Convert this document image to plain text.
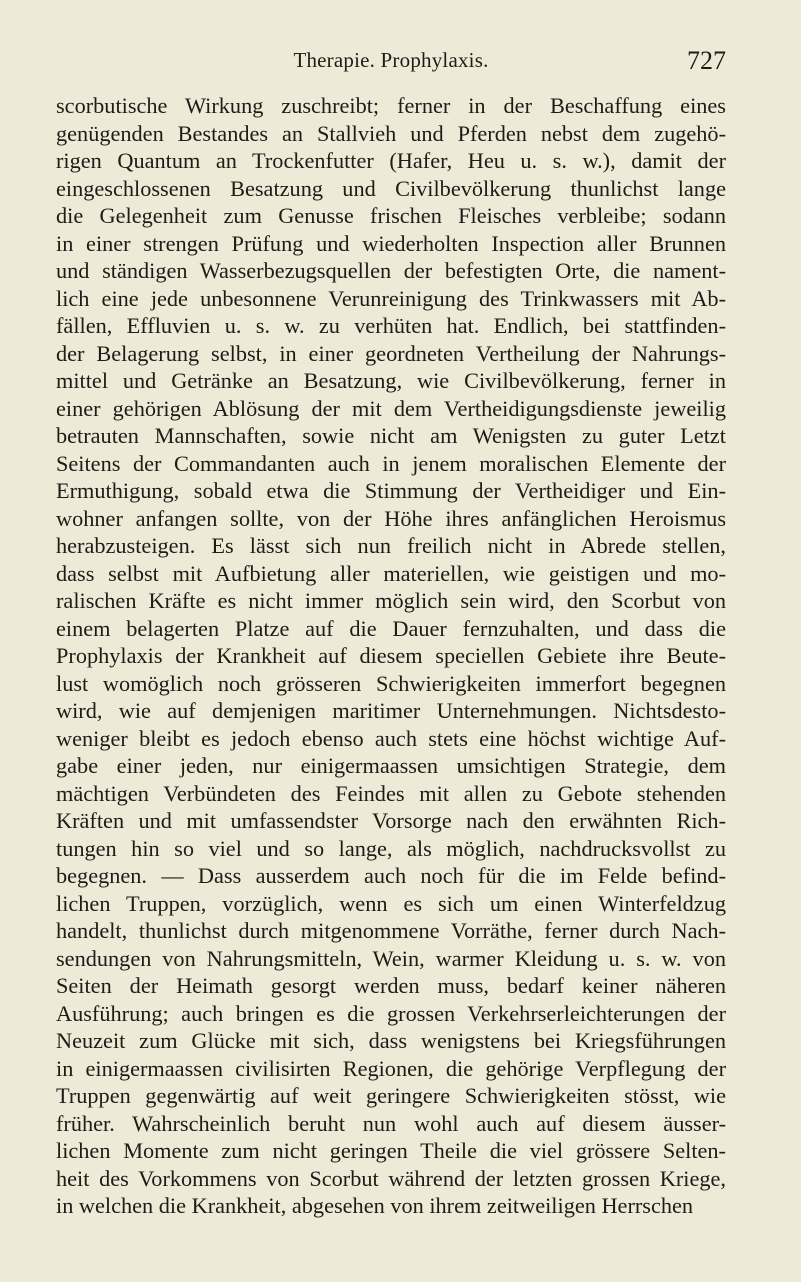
Therapie. Prophylaxis.	727
scorbutische Wirkung zuschreibt; ferner in der Beschaffung eines
genügenden Bestandes an Stallvieh und Pferden nebst dem zugehö-
rigen Quantum an Trockenfutter (Hafer, Heu u. s. w.), damit der
eingeschlossenen Besatzung und Civilbevölkerung thunlichst lange
die Gelegenheit zum Genusse frischen Fleisches verbleibe; sodann
in einer strengen Prüfung und wiederholten Inspection aller Brunnen
und ständigen Wasserbezugsquellen der befestigten Orte, die nament-
lich eine jede unbesonnene Verunreinigung des Trinkwassers mit Ab-
fällen, Effluvien u. s. w. zu verhüten hat. Endlich, bei stattfinden-
der Belagerung selbst, in einer geordneten Vertheilung der Nahrungs-
mittel und Getränke an Besatzung, wie Civilbevölkerung, ferner in
einer gehörigen Ablösung der mit dem Vertheidigungsdienste jeweilig
betrauten Mannschaften, sowie nicht am Wenigsten zu guter Letzt
Seitens der Commandanten auch in jenem moralischen Elemente der
Ermuthigung, sobald etwa die Stimmung der Vertheidiger und Ein-
wohner anfangen sollte, von der Höhe ihres anfänglichen Heroismus
herabzusteigen. Es lässt sich nun freilich nicht in Abrede stellen,
dass selbst mit Aufbietung aller materiellen, wie geistigen und mo-
ralischen Kräfte es nicht immer möglich sein wird, den Scorbut von
einem belagerten Platze auf die Dauer fernzuhalten, und dass die
Prophylaxis der Krankheit auf diesem speciellen Gebiete ihre Beute-
lust womöglich noch grösseren Schwierigkeiten immerfort begegnen
wird, wie auf demjenigen maritimer Unternehmungen. Nichtsdesto-
weniger bleibt es jedoch ebenso auch stets eine höchst wichtige Auf-
gabe einer jeden, nur einigermaassen umsichtigen Strategie, dem
mächtigen Verbündeten des Feindes mit allen zu Gebote stehenden
Kräften und mit umfassendster Vorsorge nach den erwähnten Rich-
tungen hin so viel und so lange, als möglich, nachdrucksvollst zu
begegnen. — Dass ausserdem auch noch für die im Felde befind-
lichen Truppen, vorzüglich, wenn es sich um einen Winterfeldzug
handelt, thunlichst durch mitgenommene Vorräthe, ferner durch Nach-
sendungen von Nahrungsmitteln, Wein, warmer Kleidung u. s. w. von
Seiten der Heimath gesorgt werden muss, bedarf keiner näheren
Ausführung; auch bringen es die grossen Verkehrserleichterungen der
Neuzeit zum Glücke mit sich, dass wenigstens bei Kriegsführungen
in einigermaassen civilisirten Regionen, die gehörige Verpflegung der
Truppen gegenwärtig auf weit geringere Schwierigkeiten stösst, wie
früher. Wahrscheinlich beruht nun wohl auch auf diesem äusser-
lichen Momente zum nicht geringen Theile die viel grössere Selten-
heit des Vorkommens von Scorbut während der letzten grossen Kriege,
in welchen die Krankheit, abgesehen von ihrem zeitweiligen Herrschen
